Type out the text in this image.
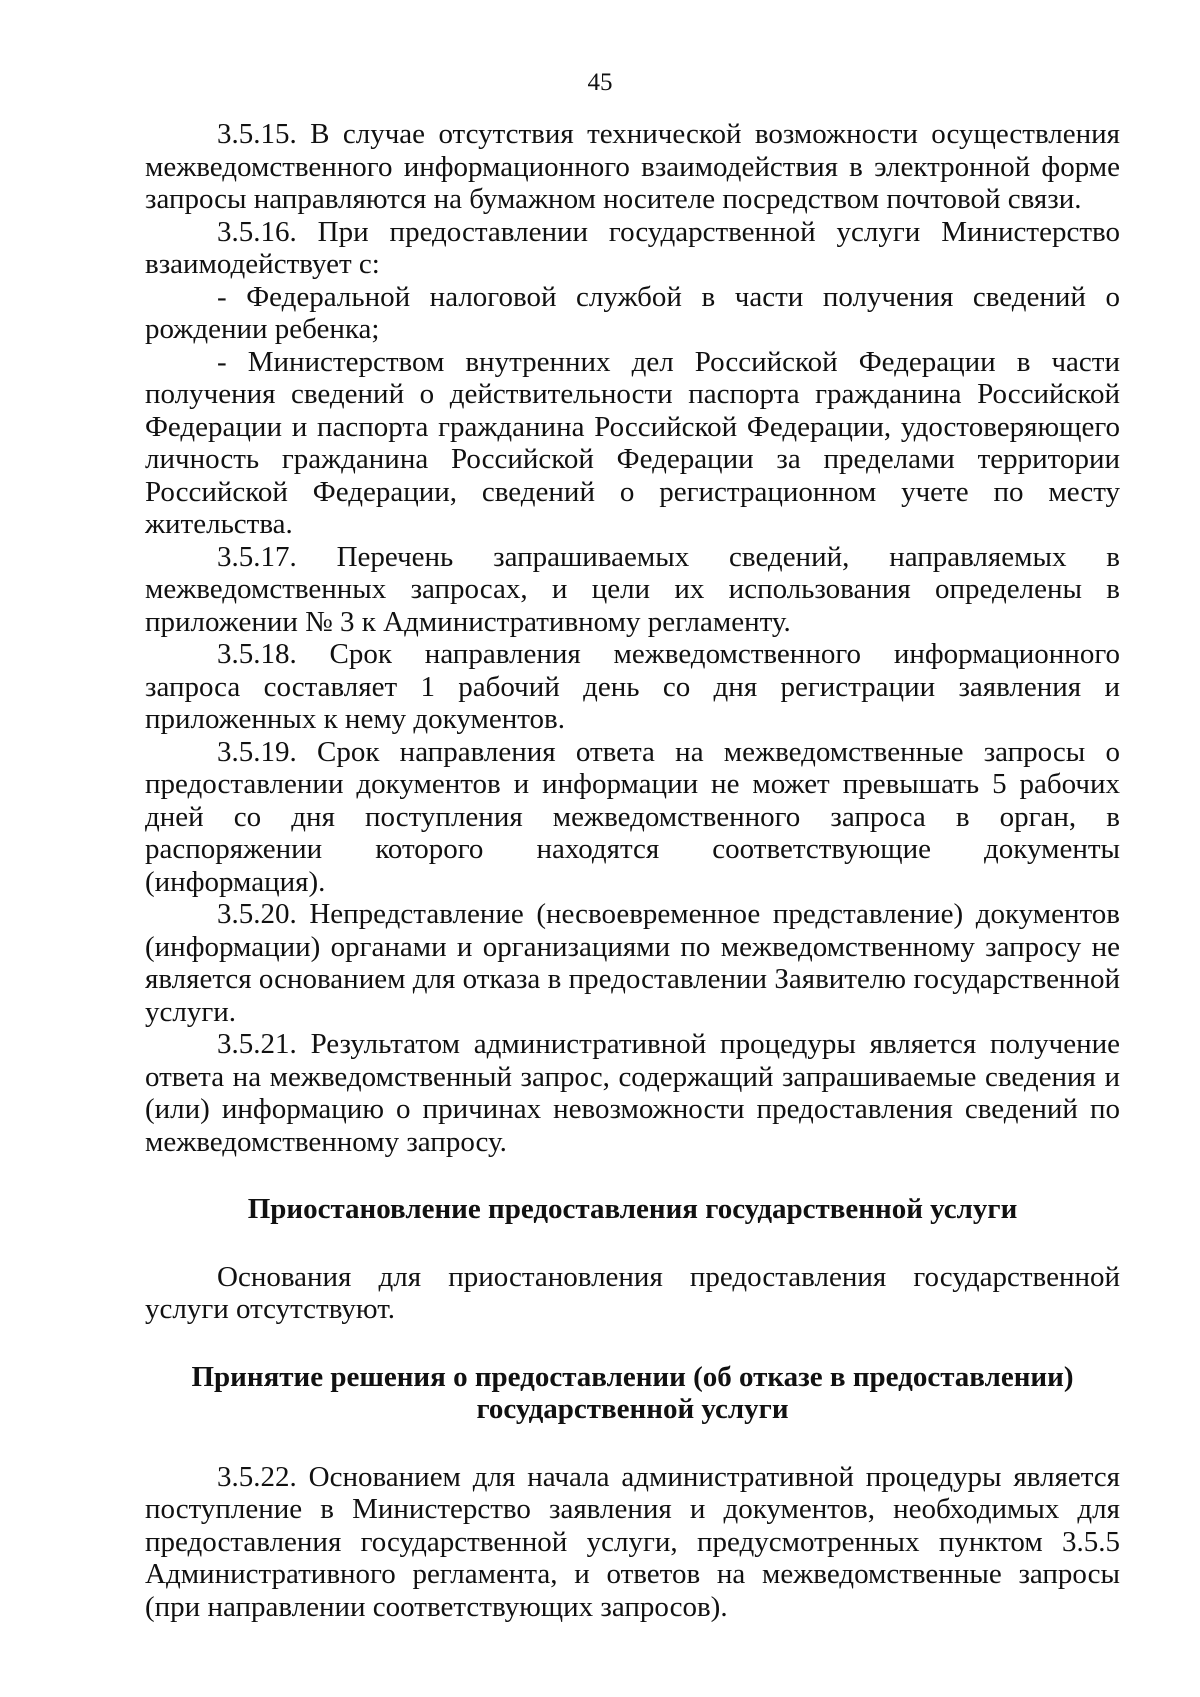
45

3.5.15. В случае отсутствия технической возможности осуществления межведомственного информационного взаимодействия в электронной форме запросы направляются на бумажном носителе посредством почтовой связи.

3.5.16. При предоставлении государственной услуги Министерство взаимодействует с:

- Федеральной налоговой службой в части получения сведений о рождении ребенка;

- Министерством внутренних дел Российской Федерации в части получения сведений о действительности паспорта гражданина Российской Федерации и паспорта гражданина Российской Федерации, удостоверяющего личность гражданина Российской Федерации за пределами территории Российской Федерации, сведений о регистрационном учете по месту жительства.

3.5.17. Перечень запрашиваемых сведений, направляемых в межведомственных запросах, и цели их использования определены в приложении № 3 к Административному регламенту.

3.5.18. Срок направления межведомственного информационного запроса составляет 1 рабочий день со дня регистрации заявления и приложенных к нему документов.

3.5.19. Срок направления ответа на межведомственные запросы о предоставлении документов и информации не может превышать 5 рабочих дней со дня поступления межведомственного запроса в орган, в распоряжении которого находятся соответствующие документы (информация).

3.5.20. Непредставление (несвоевременное представление) документов (информации) органами и организациями по межведомственному запросу не является основанием для отказа в предоставлении Заявителю государственной услуги.

3.5.21. Результатом административной процедуры является получение ответа на межведомственный запрос, содержащий запрашиваемые сведения и (или) информацию о причинах невозможности предоставления сведений по межведомственному запросу.

Приостановление предоставления государственной услуги

Основания для приостановления предоставления государственной услуги отсутствуют.

Принятие решения о предоставлении (об отказе в предоставлении)

государственной услуги

3.5.22. Основанием для начала административной процедуры является поступление в Министерство заявления и документов, необходимых для предоставления государственной услуги, предусмотренных пунктом 3.5.5 Административного регламента, и ответов на межведомственные запросы (при направлении соответствующих запросов).
